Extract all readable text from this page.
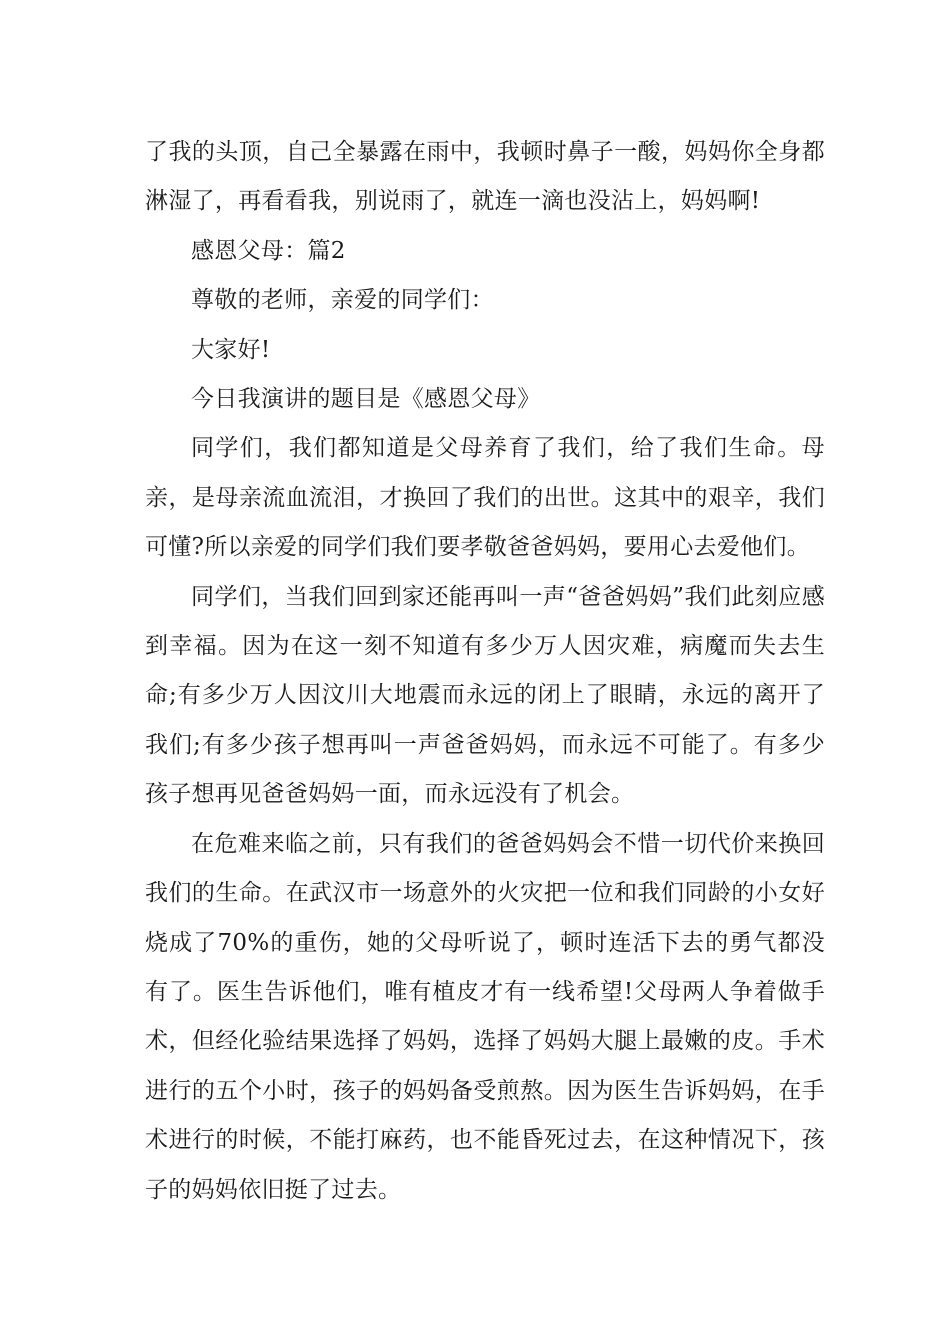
了我的头顶，自己全暴露在雨中，我顿时鼻子一酸，妈妈你全身都淋湿了，再看看我，别说雨了，就连一滴也没沾上，妈妈啊!

感恩父母：篇2

尊敬的老师，亲爱的同学们：

大家好!

今日我演讲的题目是《感恩父母》

同学们，我们都知道是父母养育了我们，给了我们生命。母亲，是母亲流血流泪，才换回了我们的出世。这其中的艰辛，我们可懂?所以亲爱的同学们我们要孝敬爸爸妈妈，要用心去爱他们。

同学们，当我们回到家还能再叫一声“爸爸妈妈”我们此刻应感到幸福。因为在这一刻不知道有多少万人因灾难，病魔而失去生命;有多少万人因汶川大地震而永远的闭上了眼睛，永远的离开了我们;有多少孩子想再叫一声爸爸妈妈，而永远不可能了。有多少孩子想再见爸爸妈妈一面，而永远没有了机会。

在危难来临之前，只有我们的爸爸妈妈会不惜一切代价来换回我们的生命。在武汉市一场意外的火灾把一位和我们同龄的小女好烧成了70%的重伤，她的父母听说了，顿时连活下去的勇气都没有了。医生告诉他们，唯有植皮才有一线希望!父母两人争着做手术，但经化验结果选择了妈妈，选择了妈妈大腿上最嫩的皮。手术进行的五个小时，孩子的妈妈备受煎熬。因为医生告诉妈妈，在手术进行的时候，不能打麻药，也不能昏死过去，在这种情况下，孩子的妈妈依旧挺了过去。
